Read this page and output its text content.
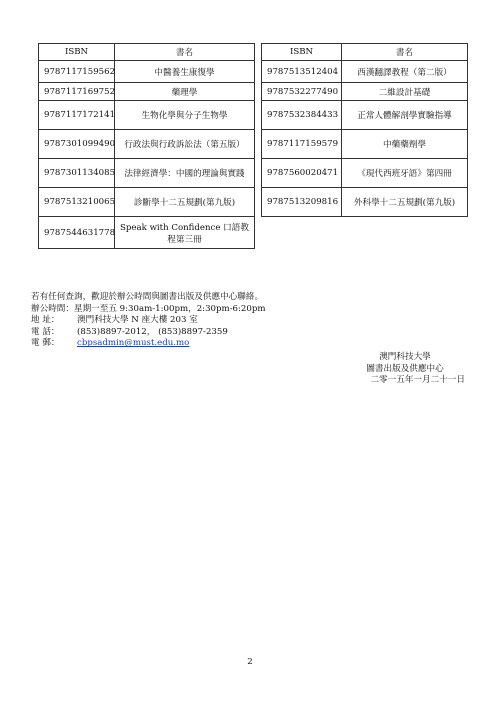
ISBN	書名
9787117159562	中醫養生康復學
9787117169752	藥理學
9787117172141	生物化學與分子生物學
9787301099490	行政法與行政訴訟法（第五版）
9787301134085	法律經濟學：中國的理論與實踐
9787513210065	診斷學十二五規劃(第九版)
9787544631778	Speak with Confidence 口語教程第三冊
ISBN	書名
9787513512404	西漢翻譯教程（第二版）
9787532277490	二維設計基礎
9787532384433	正常人體解剖學實驗指導
9787117159579	中藥藥劑學
9787560020471	《現代西班牙語》第四冊
9787513209816	外科學十二五規劃(第九版)
若有任何查詢，歡迎於辦公時間與圖書出版及供應中心聯絡。
辦公時間： 星期一至五 9:30am-1:00pm，2:30pm-6:20pm
地 址：	澳門科技大學 N 座大樓 203 室
電 話：	(853)8897-2012， (853)8897-2359
電 郵：	cbpsadmin@must.edu.mo
澳門科技大學
圖書出版及供應中心
二零一五年一月二十一日
2
